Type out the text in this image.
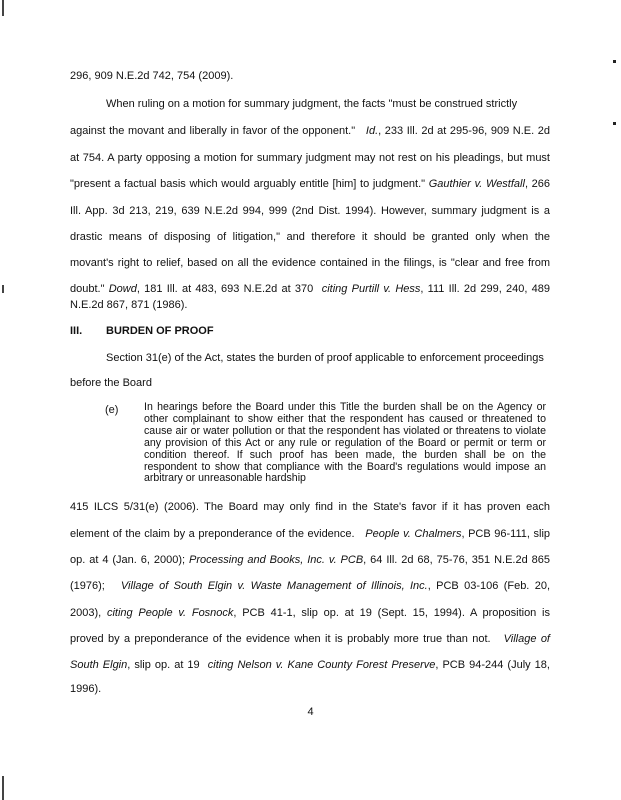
296, 909 N.E.2d 742, 754 (2009).
When ruling on a motion for summary judgment, the facts "must be construed strictly
against the movant and liberally in favor of the opponent." Id., 233 Ill. 2d at 295-96, 909 N.E. 2d
at 754. A party opposing a motion for summary judgment may not rest on his pleadings, but must
"present a factual basis which would arguably entitle [him] to judgment." Gauthier v. Westfall, 266
Ill. App. 3d 213, 219, 639 N.E.2d 994, 999 (2nd Dist. 1994). However, summary judgment is a
drastic means of disposing of litigation," and therefore it should be granted only when the
movant's right to relief, based on all the evidence contained in the filings, is "clear and free from
doubt." Dowd, 181 Ill. at 483, 693 N.E.2d at 370 citing Purtill v. Hess, 111 Ill. 2d 299, 240, 489
N.E.2d 867, 871 (1986).
III. BURDEN OF PROOF
Section 31(e) of the Act, states the burden of proof applicable to enforcement proceedings
before the Board
(e) In hearings before the Board under this Title the burden shall be on the Agency or other complainant to show either that the respondent has caused or threatened to cause air or water pollution or that the respondent has violated or threatens to violate any provision of this Act or any rule or regulation of the Board or permit or term or condition thereof. If such proof has been made, the burden shall be on the respondent to show that compliance with the Board's regulations would impose an arbitrary or unreasonable hardship
415 ILCS 5/31(e) (2006). The Board may only find in the State's favor if it has proven each
element of the claim by a preponderance of the evidence. People v. Chalmers, PCB 96-111, slip
op. at 4 (Jan. 6, 2000); Processing and Books, Inc. v. PCB, 64 Ill. 2d 68, 75-76, 351 N.E.2d 865
(1976); Village of South Elgin v. Waste Management of Illinois, Inc., PCB 03-106 (Feb. 20,
2003), citing People v. Fosnock, PCB 41-1, slip op. at 19 (Sept. 15, 1994). A proposition is
proved by a preponderance of the evidence when it is probably more true than not. Village of
South Elgin, slip op. at 19 citing Nelson v. Kane County Forest Preserve, PCB 94-244 (July 18,
1996).
4
